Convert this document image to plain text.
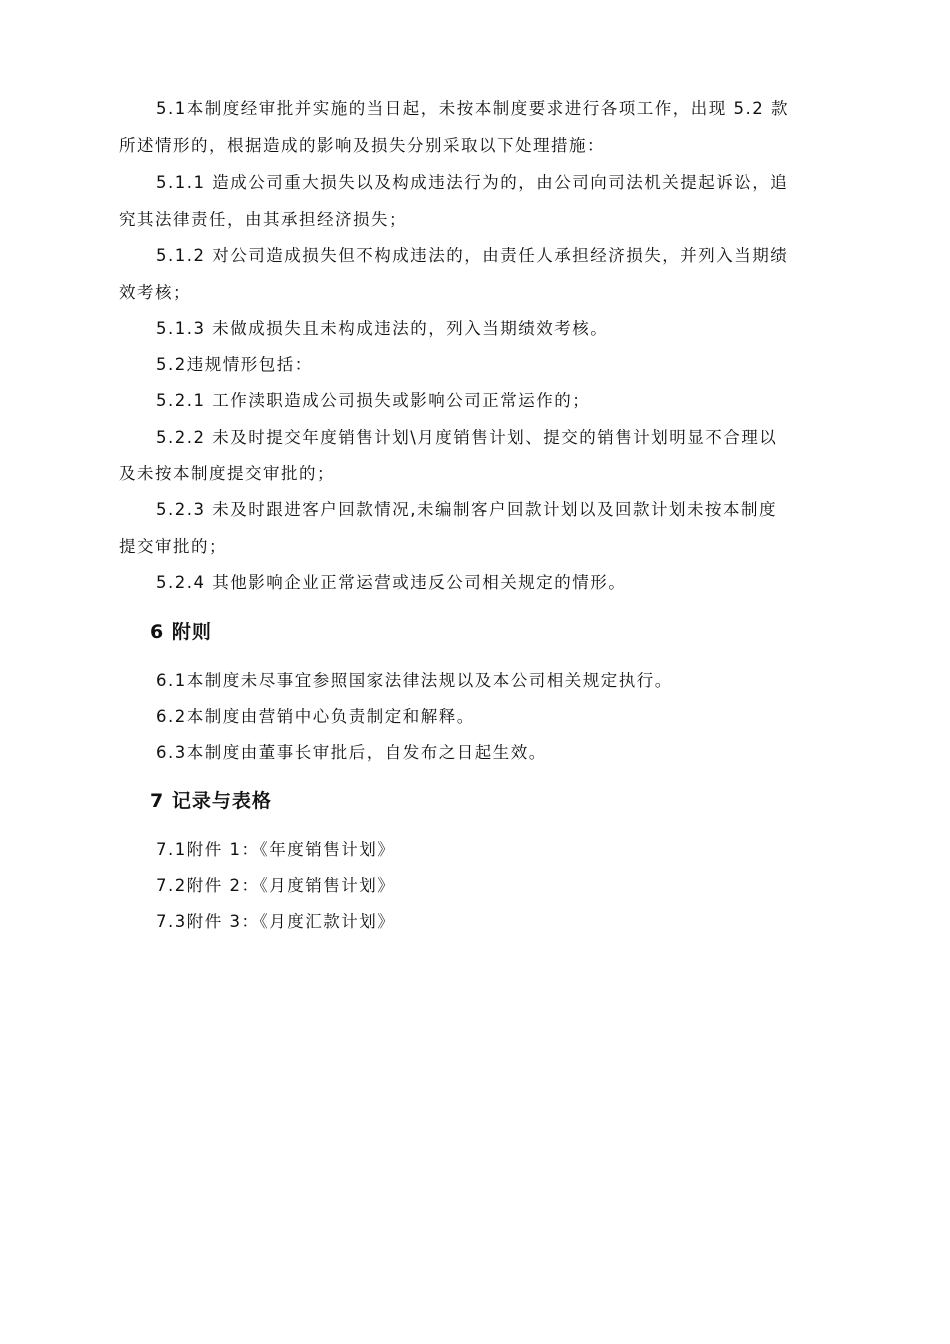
5.1本制度经审批并实施的当日起，未按本制度要求进行各项工作，出现 5.2 款
所述情形的，根据造成的影响及损失分别采取以下处理措施：
5.1.1 造成公司重大损失以及构成违法行为的，由公司向司法机关提起诉讼，追
究其法律责任，由其承担经济损失；
5.1.2 对公司造成损失但不构成违法的，由责任人承担经济损失，并列入当期绩
效考核；
5.1.3 未做成损失且未构成违法的，列入当期绩效考核。
5.2违规情形包括：
5.2.1 工作渎职造成公司损失或影响公司正常运作的；
5.2.2 未及时提交年度销售计划\月度销售计划、提交的销售计划明显不合理以
及未按本制度提交审批的；
5.2.3 未及时跟进客户回款情况,未编制客户回款计划以及回款计划未按本制度
提交审批的；
5.2.4 其他影响企业正常运营或违反公司相关规定的情形。
6 附则
6.1本制度未尽事宜参照国家法律法规以及本公司相关规定执行。
6.2本制度由营销中心负责制定和解释。
6.3本制度由董事长审批后，自发布之日起生效。
7 记录与表格
7.1附件 1：《年度销售计划》
7.2附件 2：《月度销售计划》
7.3附件 3：《月度汇款计划》
